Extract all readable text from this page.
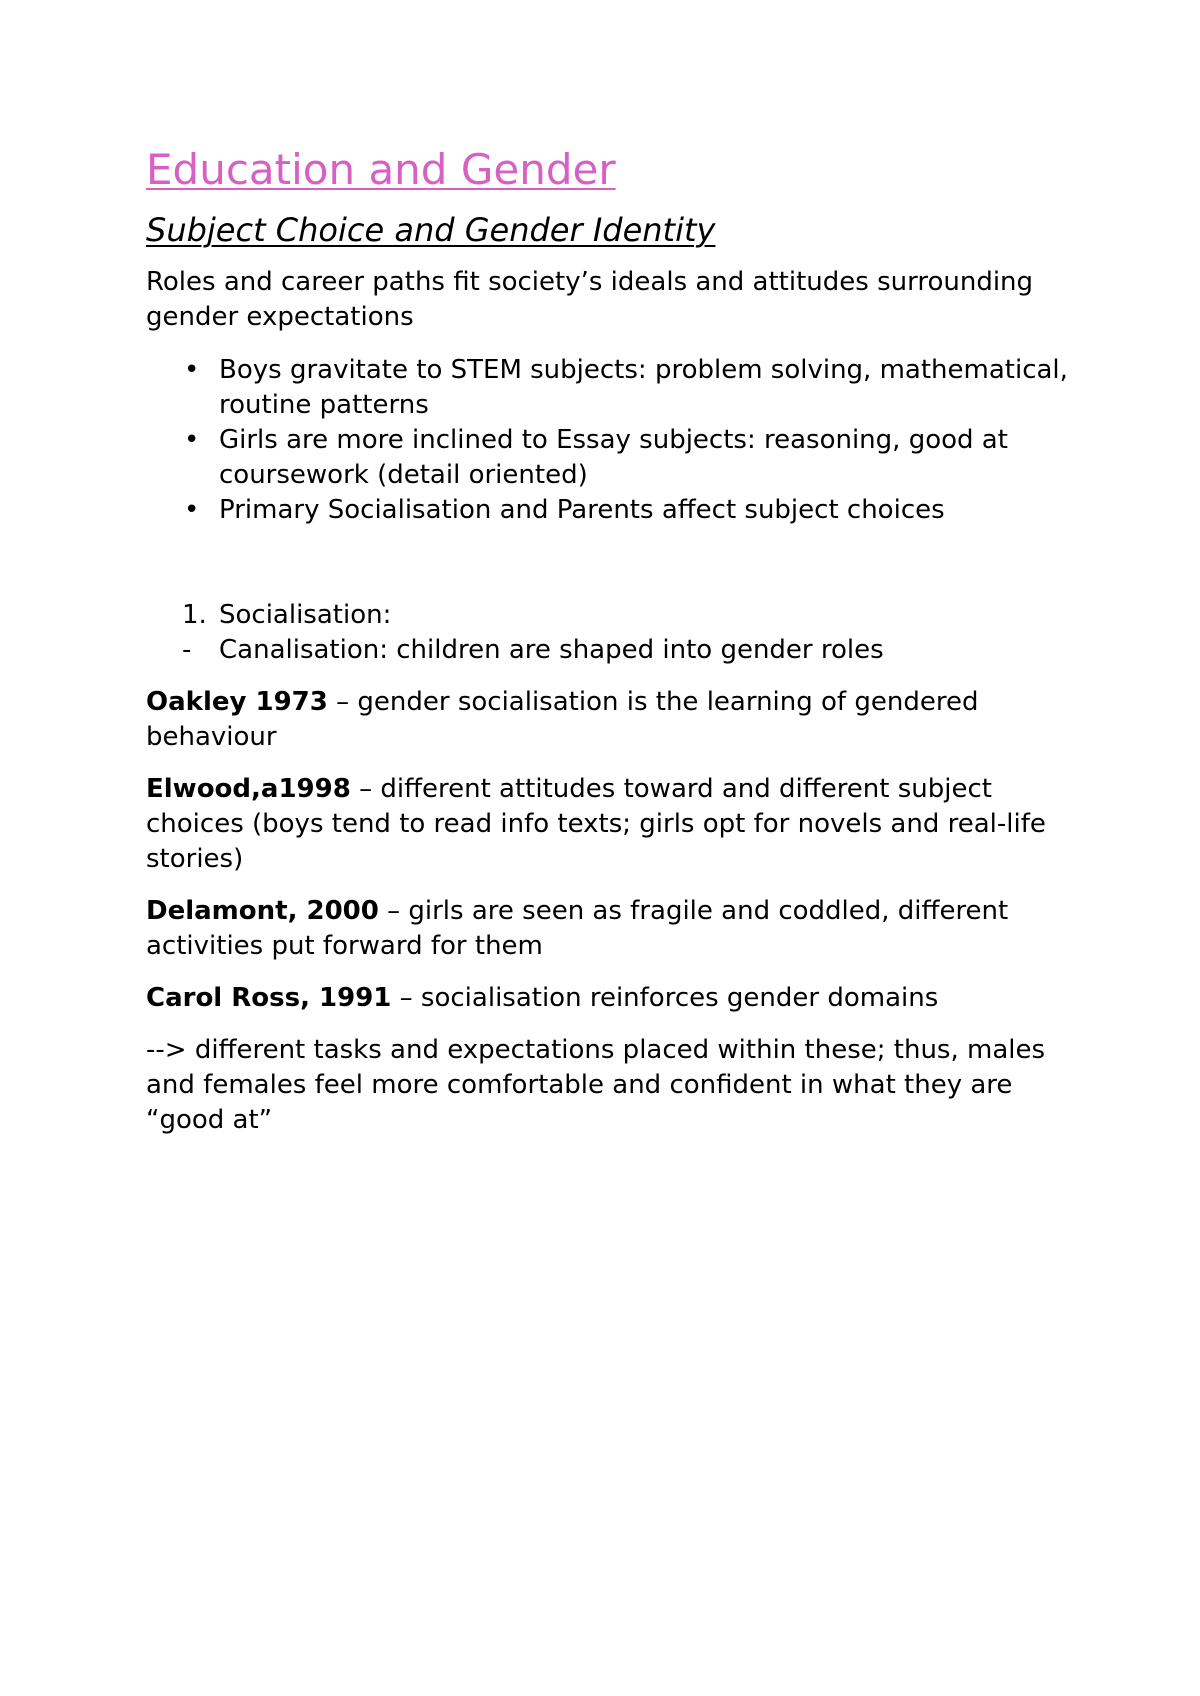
Education and Gender
Subject Choice and Gender Identity

Roles and career paths fit society’s ideals and attitudes surrounding gender expectations

• Boys gravitate to STEM subjects: problem solving, mathematical, routine patterns
• Girls are more inclined to Essay subjects: reasoning, good at coursework (detail oriented)
• Primary Socialisation and Parents affect subject choices
1. Socialisation:
- Canalisation: children are shaped into gender roles

Oakley 1973 – gender socialisation is the learning of gendered behaviour

Elwood,a1998 – different attitudes toward and different subject choices (boys tend to read info texts; girls opt for novels and real-life stories)

Delamont, 2000 – girls are seen as fragile and coddled, different activities put forward for them

Carol Ross, 1991 – socialisation reinforces gender domains

--> different tasks and expectations placed within these; thus, males and females feel more comfortable and confident in what they are “good at”
